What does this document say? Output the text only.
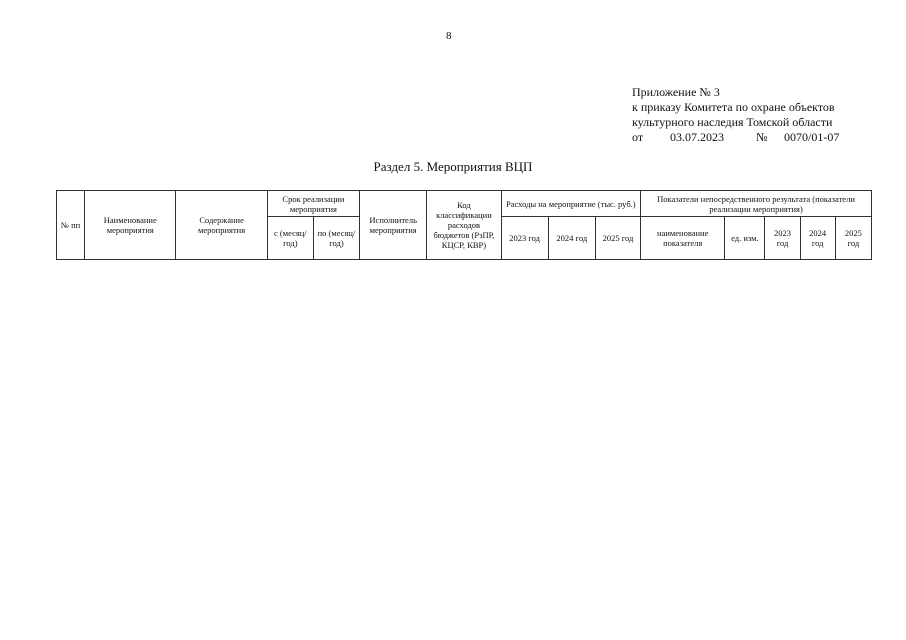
8
Приложение № 3
к приказу Комитета по охране объектов
культурного наследия Томской области
от 03.07.2023	№ 0070/01-07
Раздел 5. Мероприятия ВЦП
№ пп	Наименование мероприятия	Содержание мероприятия	Срок реализации мероприятия		Исполнитель мероприятия	Код классификации расходов бюджетов (РзПР, КЦСР, КВР)	Расходы на мероприятие (тыс. руб.)			Показатели непосредственного результата (показатели реализации мероприятия)				
			с (месяц/ год)	по (месяц/ год)			2023 год	2024 год	2025 год	наименование показателя	ед. изм.	2023 год	2024 год	2025 год
